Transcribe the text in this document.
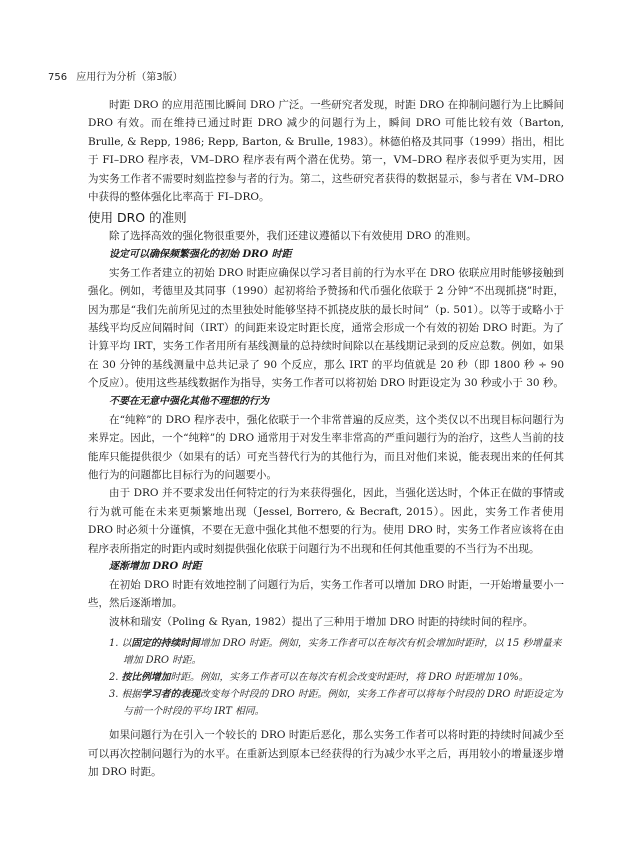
756 应用行为分析（第3版）

时距 DRO 的应用范围比瞬间 DRO 广泛。一些研究者发现，时距 DRO 在抑制问题行为上比瞬间 DRO 有效。而在维持已通过时距 DRO 减少的问题行为上，瞬间 DRO 可能比较有效（Barton, Brulle, & Repp, 1986; Repp, Barton, & Brulle, 1983）。林德伯格及其同事（1999）指出，相比于 FI–DRO 程序表，VM–DRO 程序表有两个潜在优势。第一，VM–DRO 程序表似乎更为实用，因为实务工作者不需要时刻监控参与者的行为。第二，这些研究者获得的数据显示，参与者在 VM–DRO 中获得的整体强化比率高于 FI–DRO。

使用 DRO 的准则

除了选择高效的强化物很重要外，我们还建议遵循以下有效使用 DRO 的准则。

设定可以确保频繁强化的初始 DRO 时距

实务工作者建立的初始 DRO 时距应确保以学习者目前的行为水平在 DRO 依联应用时能够接触到强化。例如，考德里及其同事（1990）起初将给予赞扬和代币强化依联于 2 分钟“不出现抓挠”时距，因为那是“我们先前所见过的杰里独处时能够坚持不抓挠皮肤的最长时间”（p. 501）。以等于或略小于基线平均反应间隔时间（IRT）的间距来设定时距长度，通常会形成一个有效的初始 DRO 时距。为了计算平均 IRT，实务工作者用所有基线测量的总持续时间除以在基线期记录到的反应总数。例如，如果在 30 分钟的基线测量中总共记录了 90 个反应，那么 IRT 的平均值就是 20 秒（即 1800 秒 ÷ 90 个反应）。使用这些基线数据作为指导，实务工作者可以将初始 DRO 时距设定为 30 秒或小于 30 秒。

不要在无意中强化其他不理想的行为

在“纯粹”的 DRO 程序表中，强化依联于一个非常普遍的反应类，这个类仅以不出现目标问题行为来界定。因此，一个“纯粹”的 DRO 通常用于对发生率非常高的严重问题行为的治疗，这些人当前的技能库只能提供很少（如果有的话）可充当替代行为的其他行为，而且对他们来说，能表现出来的任何其他行为的问题都比目标行为的问题要小。

由于 DRO 并不要求发出任何特定的行为来获得强化，因此，当强化送达时，个体正在做的事情或行为就可能在未来更频繁地出现（Jessel, Borrero, & Becraft, 2015）。因此，实务工作者使用 DRO 时必须十分谨慎，不要在无意中强化其他不想要的行为。使用 DRO 时，实务工作者应该将在由程序表所指定的时距内或时刻提供强化依联于问题行为不出现和任何其他重要的不当行为不出现。

逐渐增加 DRO 时距

在初始 DRO 时距有效地控制了问题行为后，实务工作者可以增加 DRO 时距，一开始增量要小一些，然后逐渐增加。

波林和瑞安（Poling & Ryan, 1982）提出了三种用于增加 DRO 时距的持续时间的程序。

1. 以固定的持续时间增加 DRO 时距。例如，实务工作者可以在每次有机会增加时距时，以 15 秒增量来增加 DRO 时距。
2. 按比例增加时距。例如，实务工作者可以在每次有机会改变时距时，将 DRO 时距增加 10%。
3. 根据学习者的表现改变每个时段的 DRO 时距。例如，实务工作者可以将每个时段的 DRO 时距设定为与前一个时段的平均 IRT 相同。

如果问题行为在引入一个较长的 DRO 时距后恶化，那么实务工作者可以将时距的持续时间减少至可以再次控制问题行为的水平。在重新达到原本已经获得的行为减少水平之后，再用较小的增量逐步增加 DRO 时距。
